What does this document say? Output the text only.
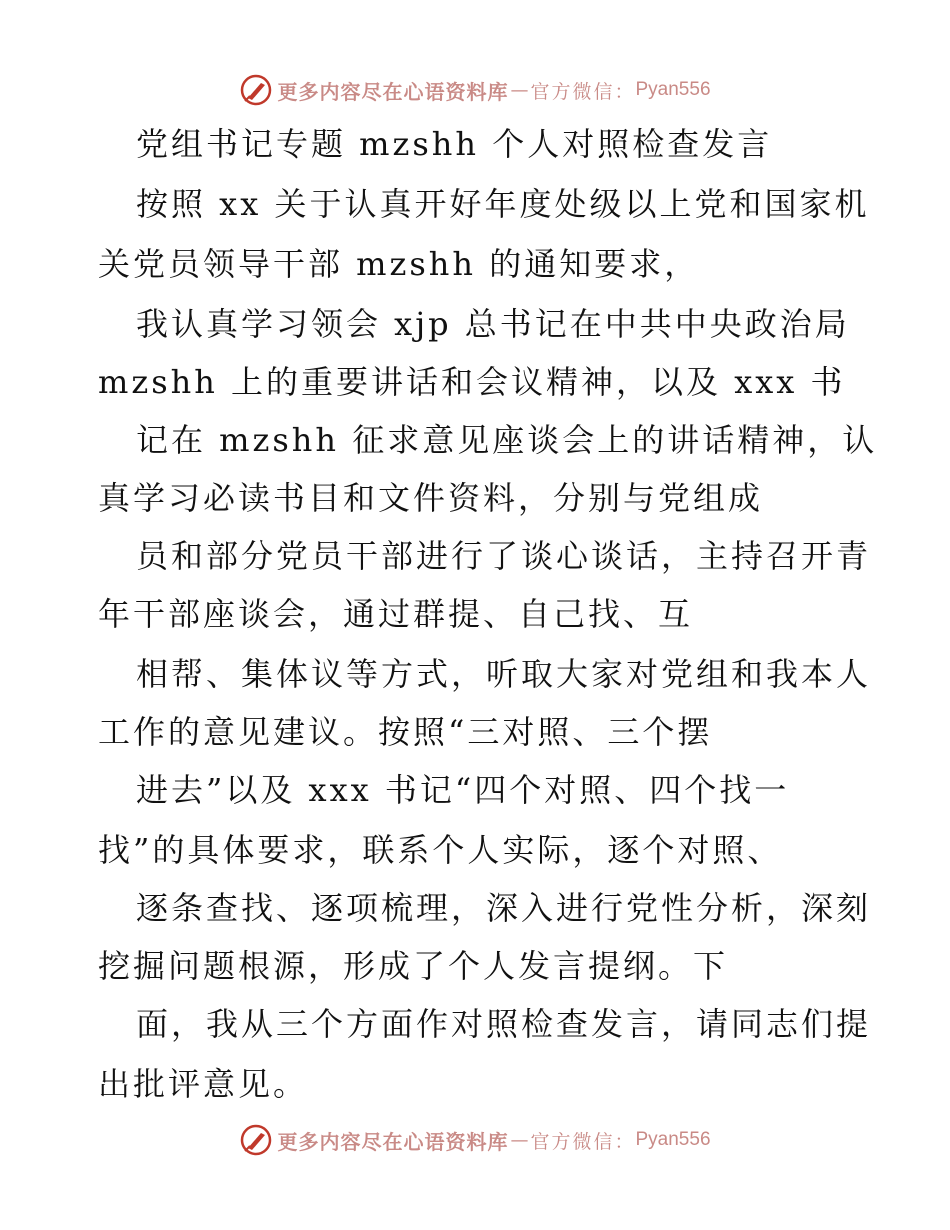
更多内容尽在心语资料库 — 官方微信： Pyan556
党组书记专题 mzshh 个人对照检查发言
按照 xx 关于认真开好年度处级以上党和国家机
关党员领导干部 mzshh 的通知要求，
我认真学习领会 xjp 总书记在中共中央政治局
mzshh 上的重要讲话和会议精神，以及 xxx 书
记在 mzshh 征求意见座谈会上的讲话精神，认
真学习必读书目和文件资料，分别与党组成
员和部分党员干部进行了谈心谈话，主持召开青
年干部座谈会，通过群提、自己找、互
相帮、集体议等方式，听取大家对党组和我本人
工作的意见建议。按照“三对照、三个摆
进去”以及 xxx 书记“四个对照、四个找一
找”的具体要求，联系个人实际，逐个对照、
逐条查找、逐项梳理，深入进行党性分析，深刻
挖掘问题根源，形成了个人发言提纲。下
面，我从三个方面作对照检查发言，请同志们提
出批评意见。
更多内容尽在心语资料库 — 官方微信： Pyan556
